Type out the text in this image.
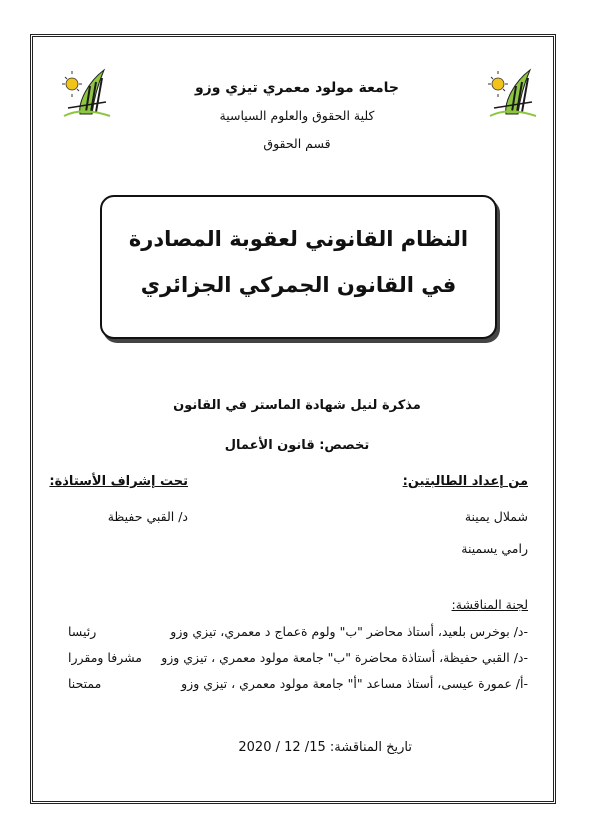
جامعة مولود معمري تيزي وزو
كلية الحقوق والعلوم السياسية
قسم الحقوق
النظام القانوني لعقوبة المصادرة
في القانون الجمركي الجزائري
مذكرة لنيل شهادة الماستر في القانون
تخصص: قانون الأعمال
من إعداد الطالبتين:
تحت إشراف الأستاذة:
شملال يمينة
د/ القبي حفيظة
رامي يسمينة
لجنة المناقشة:
-د/ بوخرس بلعيد، أستاذ محاضر "ب" ولوم ةعماج د معمري، تيزي وزو
رئيسا
-د/ القبي حفيظة، أستاذة محاضرة "ب" جامعة مولود معمري ، تيزي وزو
مشرفا ومقررا
-أ/ عمورة عيسى، أستاذ مساعد "أ" جامعة مولود معمري ، تيزي وزو
ممتحنا
تاريخ المناقشة: 15/ 12 / 2020
